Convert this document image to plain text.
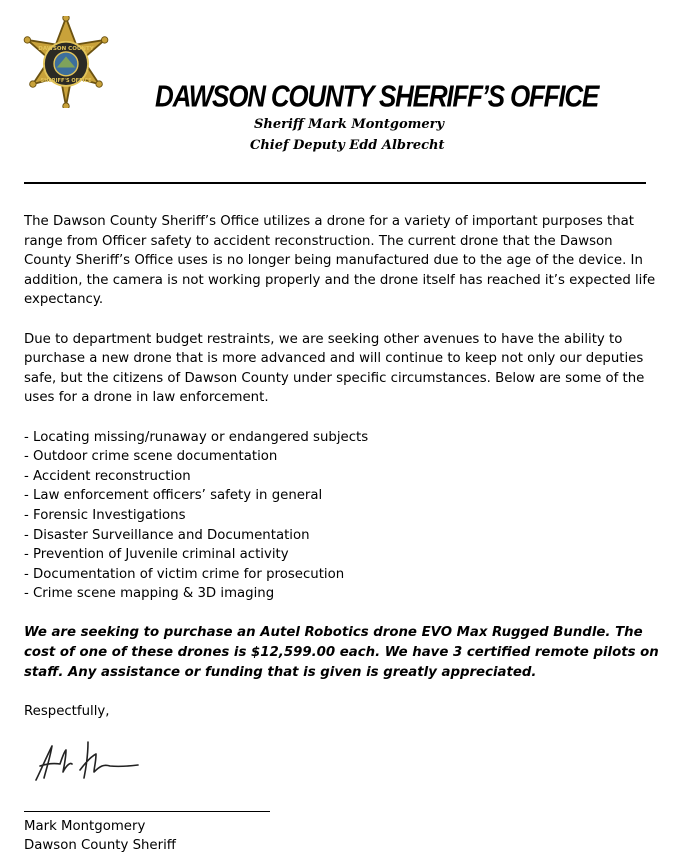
DAWSON COUNTY
SHERIFF'S OFFICE DAWSON COUNTY SHERIFF’S OFFICE
Sheriff Mark Montgomery
Chief Deputy Edd Albrecht

The Dawson County Sheriff’s Office utilizes a drone for a variety of important purposes that range from Officer safety to accident reconstruction. The current drone that the Dawson County Sheriff’s Office uses is no longer being manufactured due to the age of the device. In addition, the camera is not working properly and the drone itself has reached it’s expected life expectancy.

Due to department budget restraints, we are seeking other avenues to have the ability to purchase a new drone that is more advanced and will continue to keep not only our deputies safe, but the citizens of Dawson County under specific circumstances. Below are some of the uses for a drone in law enforcement.

- Locating missing/runaway or endangered subjects
- Outdoor crime scene documentation
- Accident reconstruction
- Law enforcement officers’ safety in general
- Forensic Investigations
- Disaster Surveillance and Documentation
- Prevention of Juvenile criminal activity
- Documentation of victim crime for prosecution
- Crime scene mapping & 3D imaging

We are seeking to purchase an Autel Robotics drone EVO Max Rugged Bundle. The cost of one of these drones is $12,599.00 each. We have 3 certified remote pilots on staff. Any assistance or funding that is given is greatly appreciated.

Respectfully,

Mark Montgomery
Dawson County Sheriff
